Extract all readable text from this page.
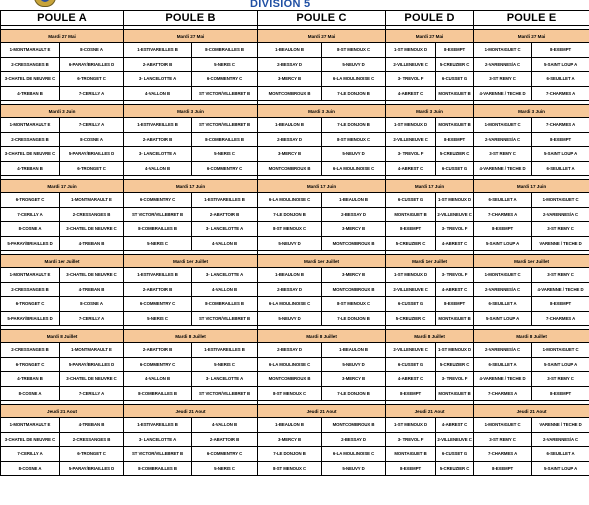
DIVISION 5
POULE A		POULE B		POULE C		POULE D		POULE E	

Mardi 27 Mai		Mardi 27 Mai		Mardi 27 Mai		Mardi 27 Mai		Mardi 27 Mai	
1-MONTMARAULT E	8-COSNE A	1-ESTIVAREILLES B	8-COMBRAILLES B	1-BEAULON B	8-ST MENOUX C	1-ST MENOUX D	8-EXEMPT	1-MONTAIGUET C	8-EXEMPT
2-CRESSANGES B	6-PARAY/BRIAILLES D	2-ABATTOIR B	5-NERIS C	2-BESSAY D	5-NEUVY D	2-VILLENEUVE C	5-CREUZIER C	2-VARENNES/A C	5-SAINT LOUP A
3-CHATEL DE NEUVRE C	6-TRONGET C	3- LANCELOTTE A	6-COMMENTRY C	3-MERCY B	6-LA MOULINOISE C	3- TREVOL F	6-CUSSET G	3-ST REMY C	6-SEUILLET A
4-TREBAN B	7-CERILLY A	4-VALLON B	ST VICTOR/VILLEBRET B	MONTCOMBROUX B	7-LE DONJON B	4-ABREST C	MONTAIGUET B	4-VARENNE / TECHE D	7-CHARMES A

Mardi 3 Juin		Mardi 3 Juin		Mardi 3 Juin		Mardi 3 Juin		Mardi 3 Juin	
1-MONTMARAULT E	7-CERILLY A	1-ESTIVAREILLES B	ST VICTOR/VILLEBRET B	1-BEAULON B	7-LE DONJON B	1-ST MENOUX D	MONTAIGUET B	1-MONTAIGUET C	7-CHARMES A
2-CRESSANGES B	8-COSNE A	2-ABATTOIR B	8-COMBRAILLES B	2-BESSAY D	8-ST MENOUX C	2-VILLENEUVE C	8-EXEMPT	2-VARENNES/A C	8-EXEMPT
3-CHATEL DE NEUVRE C	5-PARAY/BRIAILLES D	3- LANCELOTTE A	5-NERIS C	3-MERCY B	5-NEUVY D	3- TREVOL F	5-CREUZIER C	3-ST REMY C	5-SAINT LOUP A
4-TREBAN B	6-TRONGET C	4-VALLON B	6-COMMENTRY C	MONTCOMBROUX B	6-LA MOULINOISE C	4-ABREST C	6-CUSSET G	4-VARENNE / TECHE D	6-SEUILLET A

Mardi 17 Juin		Mardi 17 Juin		Mardi 17 Juin		Mardi 17 Juin		Mardi 17 Juin	
6-TRONGET C	1-MONTMARAULT E	6-COMMENTRY C	1-ESTIVAREILLES B	6-LA MOULINOISE C	1-BEAULON B	6-CUSSET G	1-ST MENOUX D	6-SEUILLET A	1-MONTAIGUET C
7-CERILLY A	2-CRESSANGES B	ST VICTOR/VILLEBRET B	2-ABATTOIR B	7-LE DONJON B	2-BESSAY D	MONTAIGUET B	2-VILLENEUVE C	7-CHARMES A	2-VARENNES/A C
8-COSNE A	3-CHATEL DE NEUVRE C	8-COMBRAILLES B	3- LANCELOTTE A	8-ST MENOUX C	3-MERCY B	8-EXEMPT	3- TREVOL F	8-EXEMPT	3-ST REMY C
5-PARAY/BRIAILLES D	4-TREBAN B	5-NERIS C	4-VALLON B	5-NEUVY D	MONTCOMBROUX B	5-CREUZIER C	4-ABREST C	5-SAINT LOUP A	VARENNE / TECHE D

Mardi 1er Juillet		Mardi 1er Juillet		Mardi 1er Juillet		Mardi 1er Juillet		Mardi 1er Juillet	
1-MONTMARAULT E	3-CHATEL DE NEUVRE C	1-ESTIVAREILLES B	3- LANCELOTTE A	1-BEAULON B	3-MERCY B	1-ST MENOUX D	3- TREVOL F	1-MONTAIGUET C	3-ST REMY C
2-CRESSANGES B	4-TREBAN B	2-ABATTOIR B	4-VALLON B	2-BESSAY D	MONTCOMBROUX B	2-VILLENEUVE C	4-ABREST C	2-VARENNES/A C	4-VARENNE / TECHE D
6-TRONGET C	8-COSNE A	6-COMMENTRY C	8-COMBRAILLES B	6-LA MOULINOISE C	8-ST MENOUX C	6-CUSSET G	8-EXEMPT	6-SEUILLET A	8-EXEMPT
5-PARAY/BRIAILLES D	7-CERILLY A	5-NERIS C	ST VICTOR/VILLEBRET B	5-NEUVY D	7-LE DONJON B	5-CREUZIER C	MONTAIGUET B	5-SAINT LOUP A	7-CHARMES A

Mardi 8 Juillet		Mardi 8 Juillet		Mardi 8 Juillet		Mardi 8 Juillet		Mardi 8 Juillet	
2-CRESSANGES B	1-MONTMARAULT E	2-ABATTOIR B	1-ESTIVAREILLES B	2-BESSAY D	1-BEAULON B	2-VILLENEUVE C	1-ST MENOUX D	2-VARENNES/A C	1-MONTAIGUET C
6-TRONGET C	5-PARAY/BRIAILLES D	6-COMMENTRY C	5-NERIS C	6-LA MOULINOISE C	5-NEUVY D	6-CUSSET G	5-CREUZIER C	6-SEUILLET A	5-SAINT LOUP A
4-TREBAN B	3-CHATEL DE NEUVRE C	4-VALLON B	3- LANCELOTTE A	MONTCOMBROUX B	3-MERCY B	4-ABREST C	3- TREVOL F	4-VARENNE / TECHE D	3-ST REMY C
8-COSNE A	7-CERILLY A	8-COMBRAILLES B	ST VICTOR/VILLEBRET B	8-ST MENOUX C	7-LE DONJON B	8-EXEMPT	MONTAIGUET B	7-CHARMES A	8-EXEMPT

Jeudi 21 Aout		Jeudi 21 Aout		Jeudi 21 Aout		Jeudi 21 Aout		Jeudi 21 Aout	
1-MONTMARAULT E	4-TREBAN B	1-ESTIVAREILLES B	4-VALLON B	1-BEAULON B	MONTCOMBROUX B	1-ST MENOUX D	4-ABREST C	1-MONTAIGUET C	VARENNE / TECHE D
3-CHATEL DE NEUVRE C	2-CRESSANGES B	3- LANCELOTTE A	2-ABATTOIR B	3-MERCY B	2-BESSAY D	3- TREVOL F	2-VILLENEUVE C	3-ST REMY C	2-VARENNES/A C
7-CERILLY A	6-TRONGET C	ST VICTOR/VILLEBRET B	6-COMMENTRY C	7-LE DONJON B	6-LA MOULINOISE C	MONTAIGUET B	6-CUSSET G	7-CHARMES A	6-SEUILLET A
8-COSNE A	5-PARAY/BRIAILLES D	8-COMBRAILLES B	5-NERIS C	8-ST MENOUX C	5-NEUVY D	8-EXEMPT	5-CREUZIER C	8-EXEMPT	5-SAINT LOUP A
